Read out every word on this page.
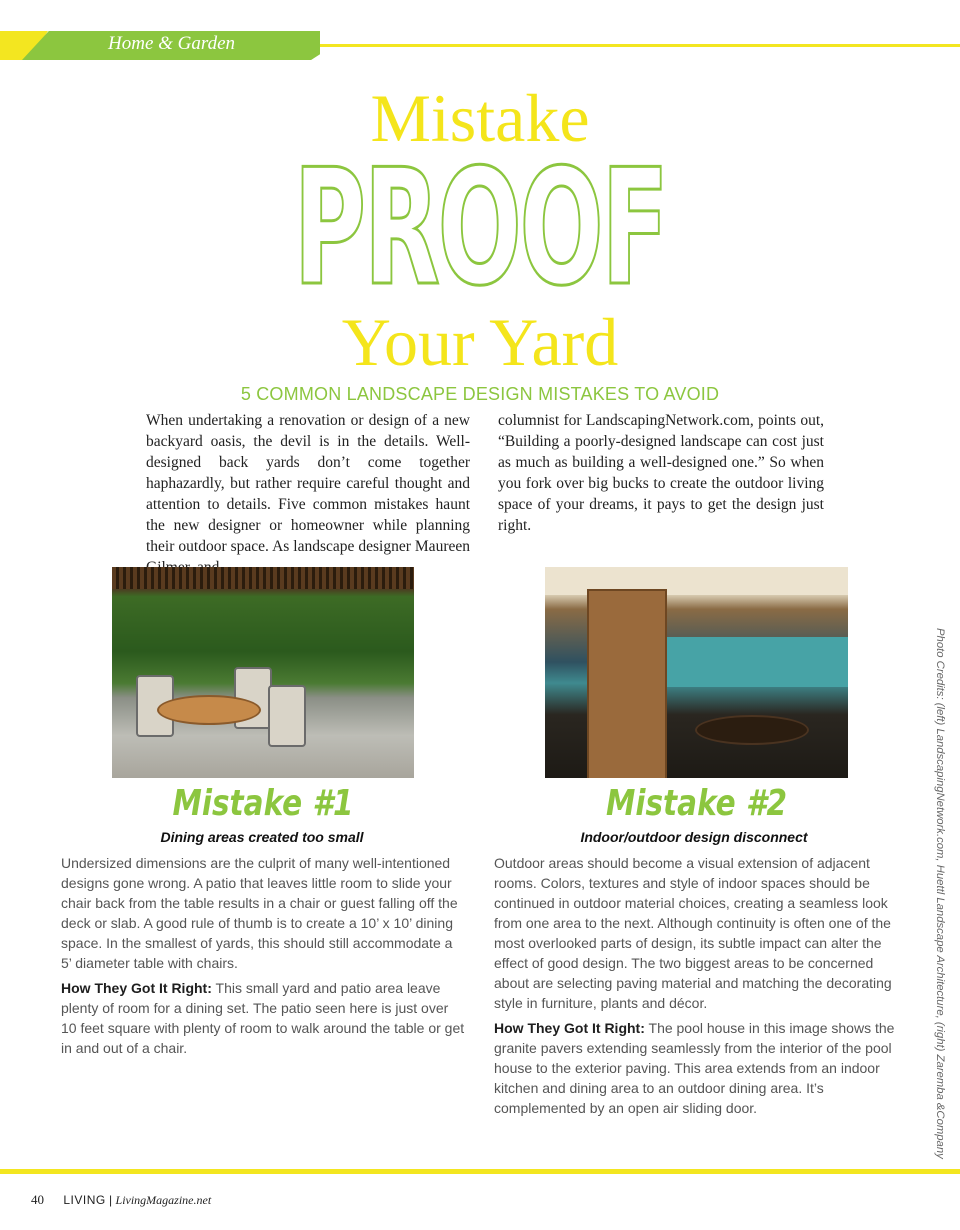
Home & Garden
Mistake
PROOF
Your Yard
5 COMMON LANDSCAPE DESIGN MISTAKES TO AVOID
When undertaking a renovation or design of a new backyard oasis, the devil is in the details. Well-designed back yards don’t come together haphazardly, but rather require careful thought and attention to details. Five common mistakes haunt the new designer or homeowner while planning their outdoor space. As landscape designer Maureen
columnist for LandscapingNetwork.com, points out, “Building a poorly-designed landscape can cost just as much as building a well-designed one.” So when you fork over big bucks to create the outdoor living space of your dreams, it pays to get the design just right.
Mistake #1	Mistake #2
Dining areas created too small	Indoor/outdoor design disconnect

Undersized dimensions are the culprit of many well-intentioned designs gone wrong. A patio that leaves little room to slide your chair back from the table results in a chair or guest falling off the deck or slab. A good rule of thumb is to create a 10’ x 10’ dining space. In the smallest of yards, this should still accommodate a 5’ diameter table with chairs.

How They Got It Right: This small yard and patio area leave plenty of room for a dining set. The patio seen here is just over 10 feet square with plenty of room to walk around the table or get in and out of a chair.

Outdoor areas should become a visual extension of adjacent rooms. Colors, textures and style of indoor spaces should be continued in outdoor material choices, creating a seamless look from one area to the next. Although continuity is often one of the most overlooked parts of design, its subtle impact can alter the effect of good design. The two biggest areas to be concerned about are selecting paving material and matching the decorating style in furniture, plants and décor.

How They Got It Right: The pool house in this image shows the granite pavers extending seamlessly from the interior of the pool house to the exterior paving. This area extends from an indoor kitchen and dining area to an outdoor dining area. It’s complemented by an open air sliding door.	Photo Credits: (left) LandscapingNetwork.com, Huettl Landscape Architecture, (right) Zaremba &Company
40 LIVING | LivingMagazine.net
